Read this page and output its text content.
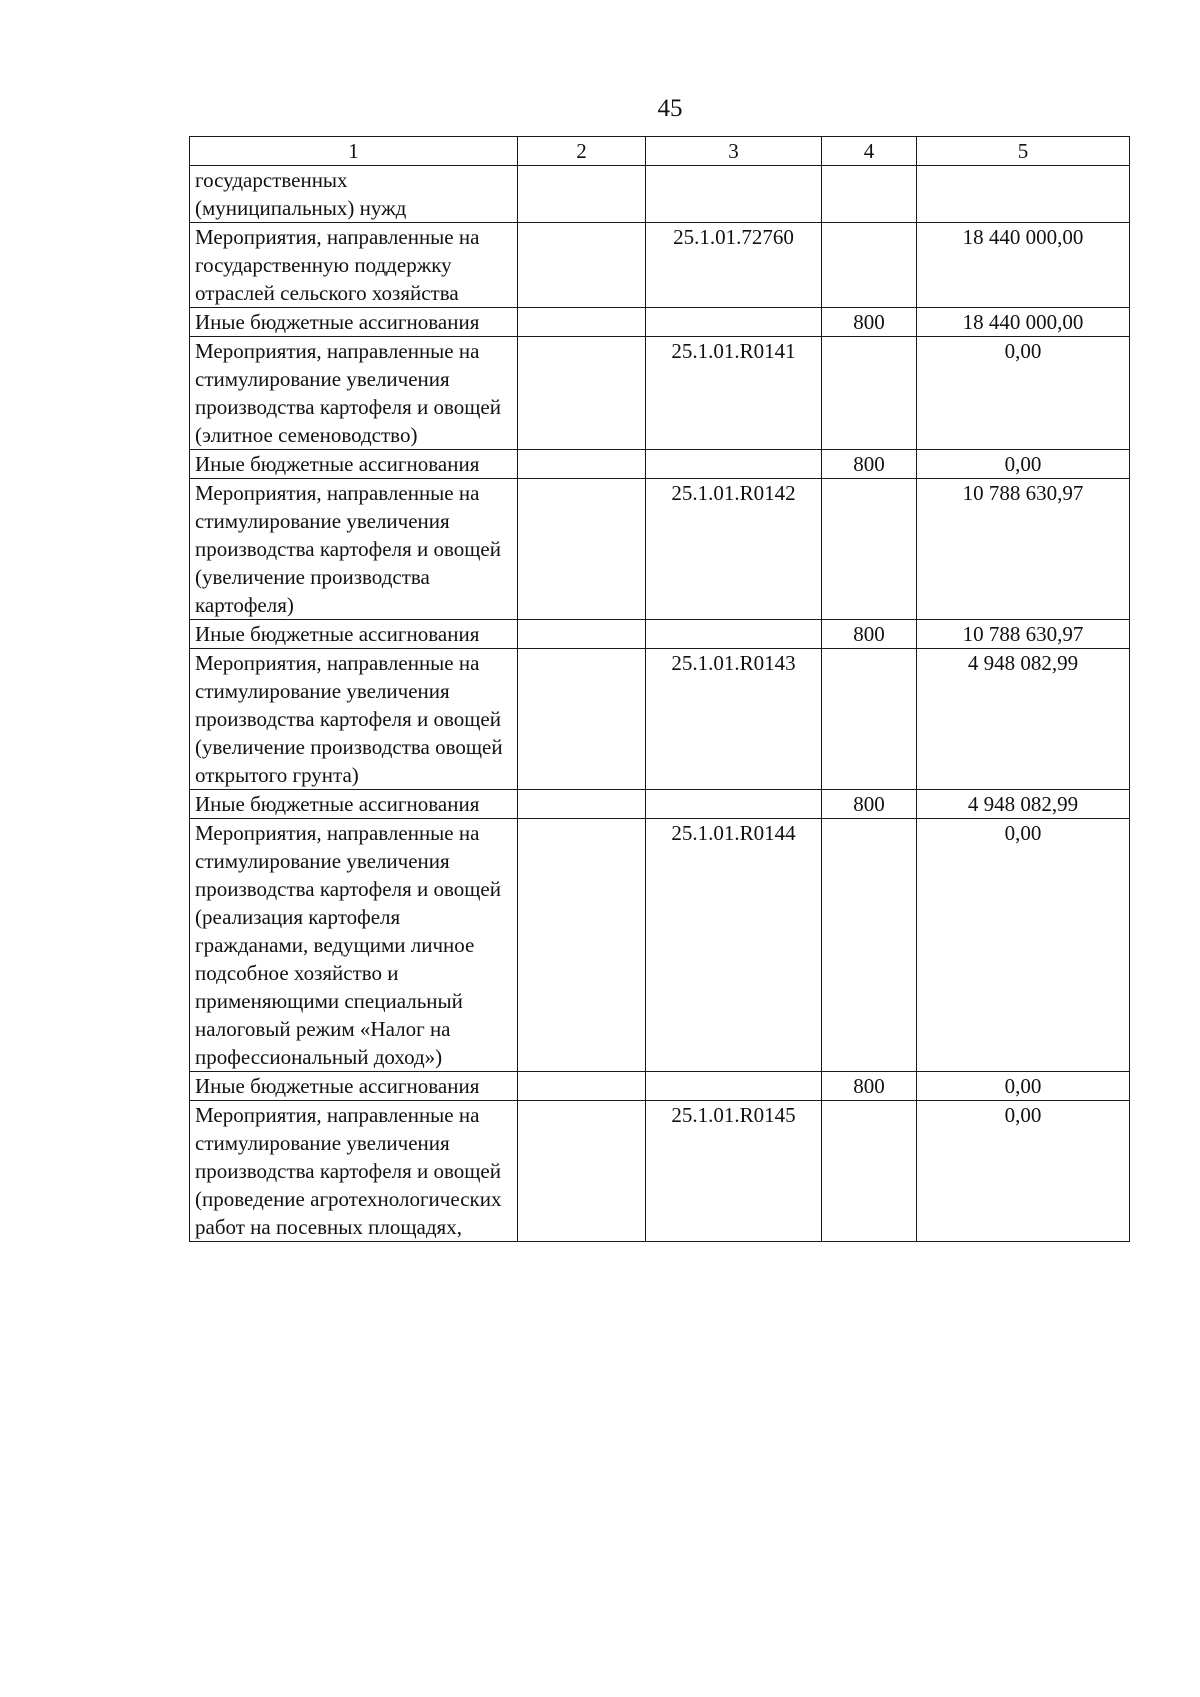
45
1	2	3	4	5
государственных (муниципальных) нужд				
Мероприятия, направленные на государственную поддержку отраслей сельского хозяйства		25.1.01.72760		18 440 000,00
Иные бюджетные ассигнования			800	18 440 000,00
Мероприятия, направленные на стимулирование увеличения производства картофеля и овощей (элитное семеноводство)		25.1.01.R0141		0,00
Иные бюджетные ассигнования			800	0,00
Мероприятия, направленные на стимулирование увеличения производства картофеля и овощей (увеличение производства картофеля)		25.1.01.R0142		10 788 630,97
Иные бюджетные ассигнования			800	10 788 630,97
Мероприятия, направленные на стимулирование увеличения производства картофеля и овощей (увеличение производства овощей открытого грунта)		25.1.01.R0143		4 948 082,99
Иные бюджетные ассигнования			800	4 948 082,99
Мероприятия, направленные на стимулирование увеличения производства картофеля и овощей (реализация картофеля гражданами, ведущими личное подсобное хозяйство и применяющими специальный налоговый режим «Налог на профессиональный доход»)		25.1.01.R0144		0,00
Иные бюджетные ассигнования			800	0,00
Мероприятия, направленные на стимулирование увеличения производства картофеля и овощей (проведение агротехнологических работ на посевных площадях,		25.1.01.R0145		0,00
